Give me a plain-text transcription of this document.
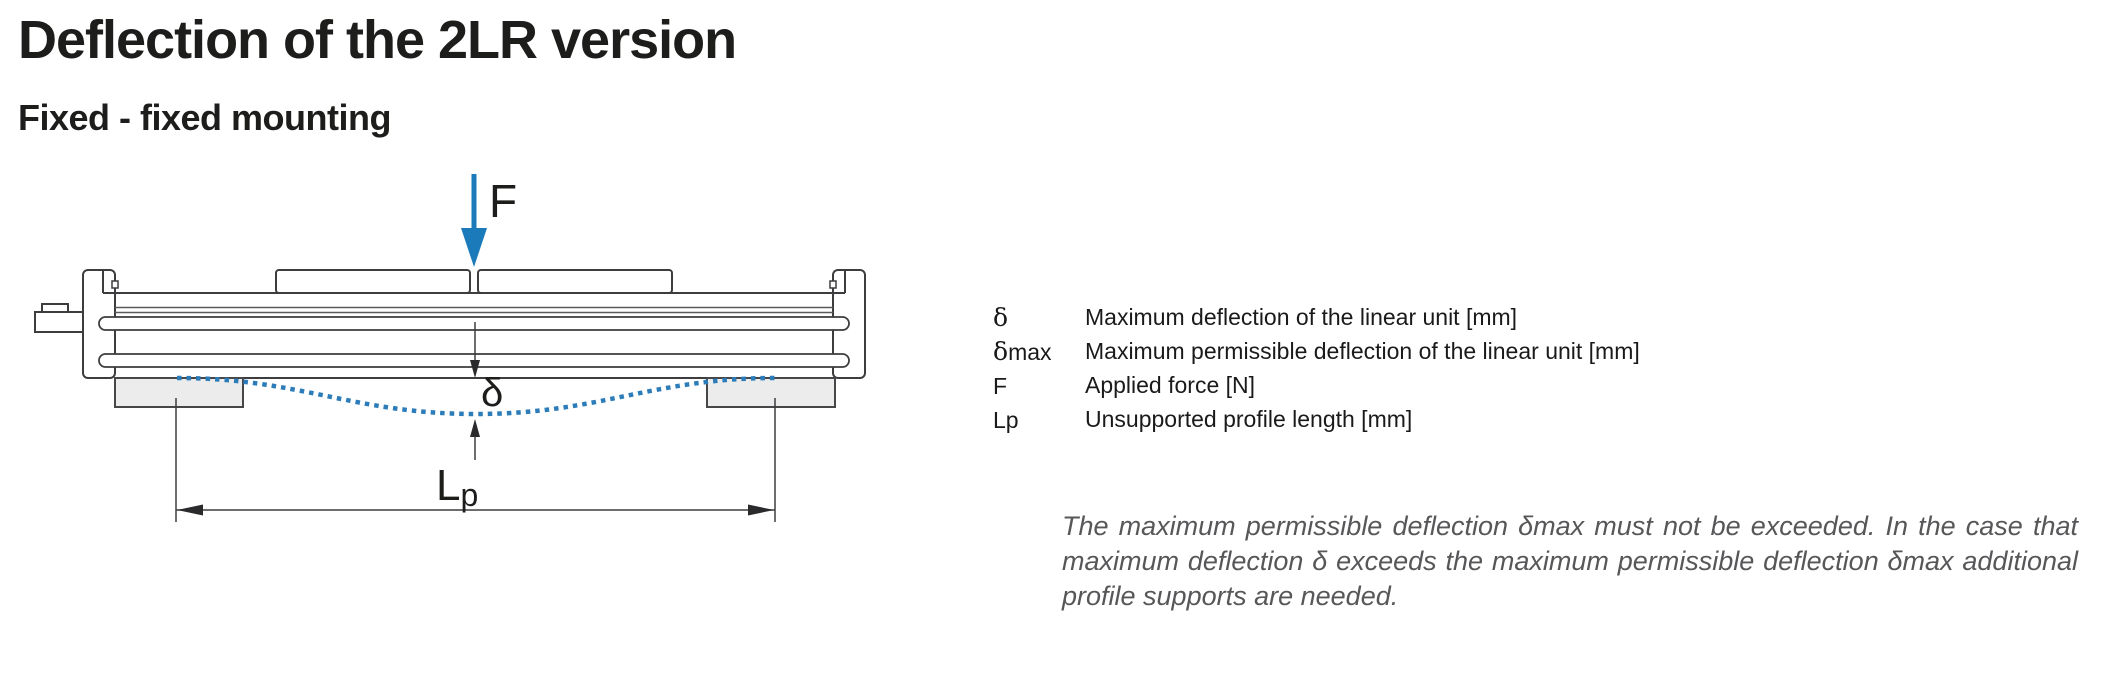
Deflection of the 2LR version
Fixed - fixed mounting
F
δ
Lp
δ	Maximum deflection of the linear unit [mm]
δmax	Maximum permissible deflection of the linear unit [mm]
F	Applied force [N]
Lp	Unsupported profile length [mm]
The maximum permissible deflection δmax must not be exceeded. In the case that
maximum deflection δ exceeds the maximum permissible deflection δmax additional
profile supports are needed.
